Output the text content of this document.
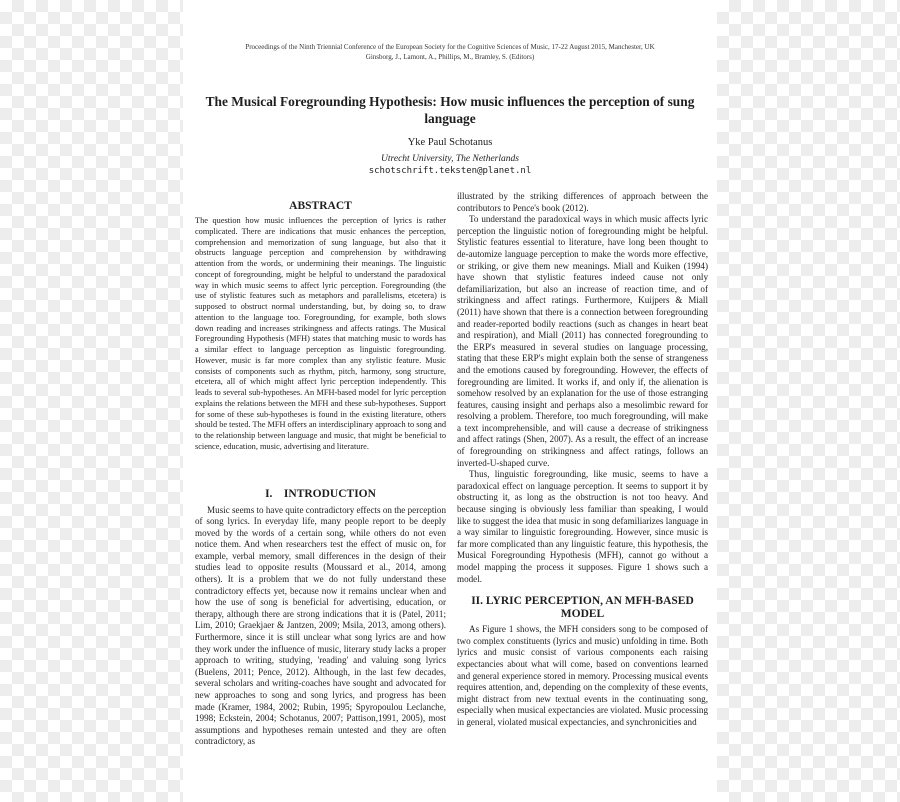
Proceedings of the Ninth Triennial Conference of the European Society for the Cognitive Sciences of Music, 17-22 August 2015, Manchester, UK
Ginsborg, J., Lamont, A., Phillips, M., Bramley, S. (Editors)
The Musical Foregrounding Hypothesis: How music influences the perception of sung language
Yke Paul Schotanus
Utrecht University, The Netherlands
schotschrift.teksten@planet.nl
ABSTRACT

The question how music influences the perception of lyrics is rather complicated. There are indications that music enhances the perception, comprehension and memorization of sung language, but also that it obstructs language perception and comprehension by withdrawing attention from the words, or undermining their meanings. The linguistic concept of foregrounding, might be helpful to understand the paradoxical way in which music seems to affect lyric perception. Foregrounding (the use of stylistic features such as metaphors and parallelisms, etcetera) is supposed to obstruct normal understanding, but, by doing so, to draw attention to the language too. Foregrounding, for example, both slows down reading and increases strikingness and affects ratings. The Musical Foregrounding Hypothesis (MFH) states that matching music to words has a similar effect to language perception as linguistic foregrounding. However, music is far more complex than any stylistic feature. Music consists of components such as rhythm, pitch, harmony, song structure, etcetera, all of which might affect lyric perception independently. This leads to several sub-hypotheses. An MFH-based model for lyric perception explains the relations between the MFH and these sub-hypotheses. Support for some of these sub-hypotheses is found in the existing literature, others should be tested. The MFH offers an interdisciplinary approach to song and to the relationship between language and music, that might be beneficial to science, education, music, advertising and literature.

I.    INTRODUCTION

Music seems to have quite contradictory effects on the perception of song lyrics. In everyday life, many people report to be deeply moved by the words of a certain song, while others do not even notice them. And when researchers test the effect of music on, for example, verbal memory, small differences in the design of their studies lead to opposite results (Moussard et al., 2014, among others). It is a problem that we do not fully understand these contradictory effects yet, because now it remains unclear when and how the use of song is beneficial for advertising, education, or therapy, although there are strong indications that it is (Patel, 2011; Lim, 2010; Graekjaer & Jantzen, 2009; Msila, 2013, among others). Furthermore, since it is still unclear what song lyrics are and how they work under the influence of music, literary study lacks a proper approach to writing, studying, 'reading' and valuing song lyrics (Buelens, 2011; Pence, 2012). Although, in the last few decades, several scholars and writing-coaches have sought and advocated for new approaches to song and song lyrics, and progress has been made (Kramer, 1984, 2002; Rubin, 1995; Spyropoulou Leclanche, 1998; Eckstein, 2004; Schotanus, 2007; Pattison,1991, 2005), most assumptions and hypotheses remain untested and they are often contradictory, as

illustrated by the striking differences of approach between the contributors to Pence's book (2012).

To understand the paradoxical ways in which music affects lyric perception the linguistic notion of foregrounding might be helpful. Stylistic features essential to literature, have long been thought to de-automize language perception to make the words more effective, or striking, or give them new meanings. Miall and Kuiken (1994) have shown that stylistic features indeed cause not only defamiliarization, but also an increase of reaction time, and of strikingness and affect ratings. Furthermore, Kuijpers & Miall (2011) have shown that there is a connection between foregrounding and reader-reported bodily reactions (such as changes in heart beat and respiration), and Miall (2011) has connected foregrounding to the ERP's measured in several studies on language processing, stating that these ERP's might explain both the sense of strangeness and the emotions caused by foregrounding. However, the effects of foregrounding are limited. It works if, and only if, the alienation is somehow resolved by an explanation for the use of those estranging features, causing insight and perhaps also a mesolimbic reward for resolving a problem. Therefore, too much foregrounding, will make a text incomprehensible, and will cause a decrease of strikingness and affect ratings (Shen, 2007). As a result, the effect of an increase of foregrounding on strikingness and affect ratings, follows an inverted-U-shaped curve.

Thus, linguistic foregrounding, like music, seems to have a paradoxical effect on language perception. It seems to support it by obstructing it, as long as the obstruction is not too heavy. And because singing is obviously less familiar than speaking, I would like to suggest the idea that music in song defamiliarizes language in a way similar to linguistic foregrounding. However, since music is far more complicated than any linguistic feature, this hypothesis, the Musical Foregrounding Hypothesis (MFH), cannot go without a model mapping the process it supposes. Figure 1 shows such a model.

II. LYRIC PERCEPTION, AN MFH-BASED MODEL

As Figure 1 shows, the MFH considers song to be composed of two complex constituents (lyrics and music) unfolding in time. Both lyrics and music consist of various components each raising expectancies about what will come, based on conventions learned and general experience stored in memory. Processing musical events requires attention, and, depending on the complexity of these events, might distract from new textual events in the continuating song, especially when musical expectancies are violated. Music processing in general, violated musical expectancies, and synchronicities and
